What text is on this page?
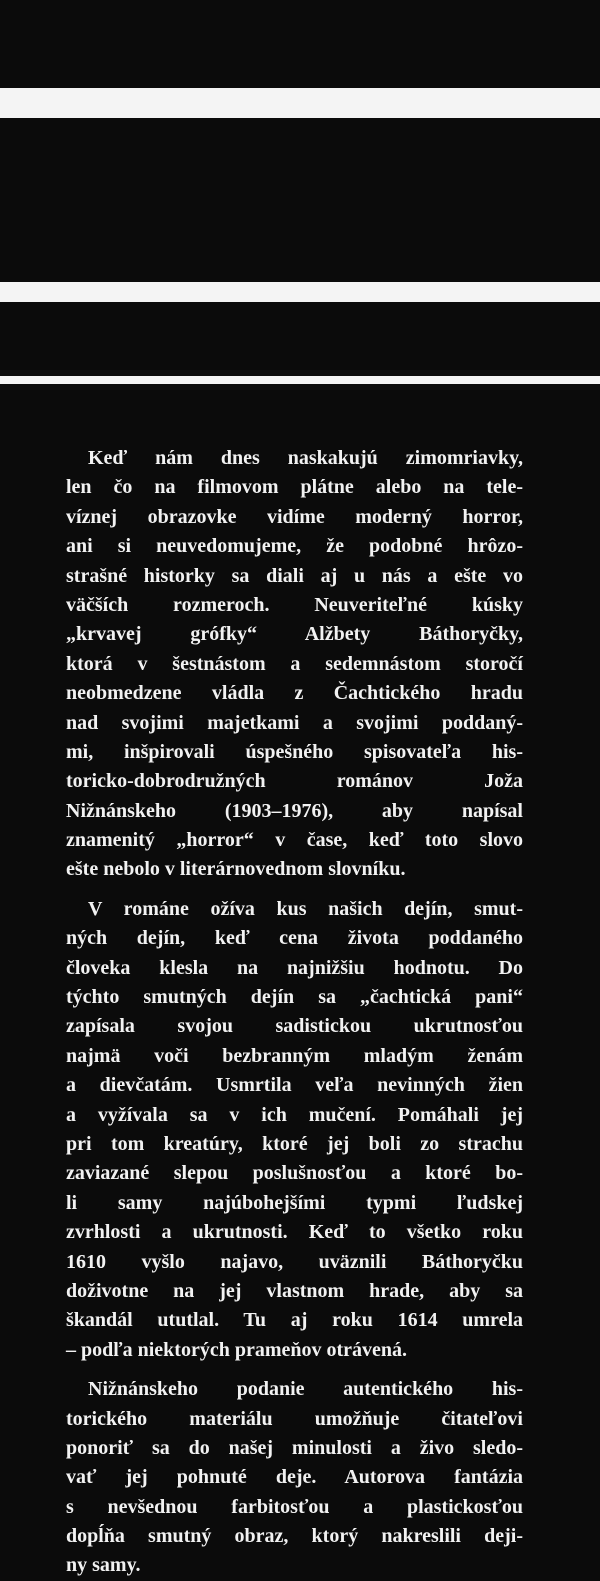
Keď nám dnes naskakujú zimomriavky,
len čo na filmovom plátne alebo na tele-
víznej obrazovke vidíme moderný horror,
ani si neuvedomujeme, že podobné hrôzo-
strašné historky sa diali aj u nás a ešte vo
väčších rozmeroch. Neuveriteľné kúsky
„krvavej grófky“ Alžbety Báthoryčky,
ktorá v šestnástom a sedemnástom storočí
neobmedzene vládla z Čachtického hradu
nad svojimi majetkami a svojimi poddaný-
mi, inšpirovali úspešného spisovateľa his-
toricko-dobrodružných románov Joža
Nižnánskeho (1903–1976), aby napísal
znamenitý „horror“ v čase, keď toto slovo
ešte nebolo v literárnovednom slovníku.
V románe ožíva kus našich dejín, smut-
ných dejín, keď cena života poddaného
človeka klesla na najnižšiu hodnotu. Do
týchto smutných dejín sa „čachtická pani“
zapísala svojou sadistickou ukrutnosťou
najmä voči bezbranným mladým ženám
a dievčatám. Usmrtila veľa nevinných žien
a vyžívala sa v ich mučení. Pomáhali jej
pri tom kreatúry, ktoré jej boli zo strachu
zaviazané slepou poslušnosťou a ktoré bo-
li samy najúbohejšími typmi ľudskej
zvrhlosti a ukrutnosti. Keď to všetko roku
1610 vyšlo najavo, uväznili Báthoryčku
doživotne na jej vlastnom hrade, aby sa
škandál ututlal. Tu aj roku 1614 umrela
– podľa niektorých prameňov otrávená.
Nižnánskeho podanie autentického his-
torického materiálu umožňuje čitateľovi
ponoriť sa do našej minulosti a živo sledo-
vať jej pohnuté deje. Autorova fantázia
s nevšednou farbitosťou a plastickosťou
dopĺňa smutný obraz, ktorý nakreslili deji-
ny samy.
